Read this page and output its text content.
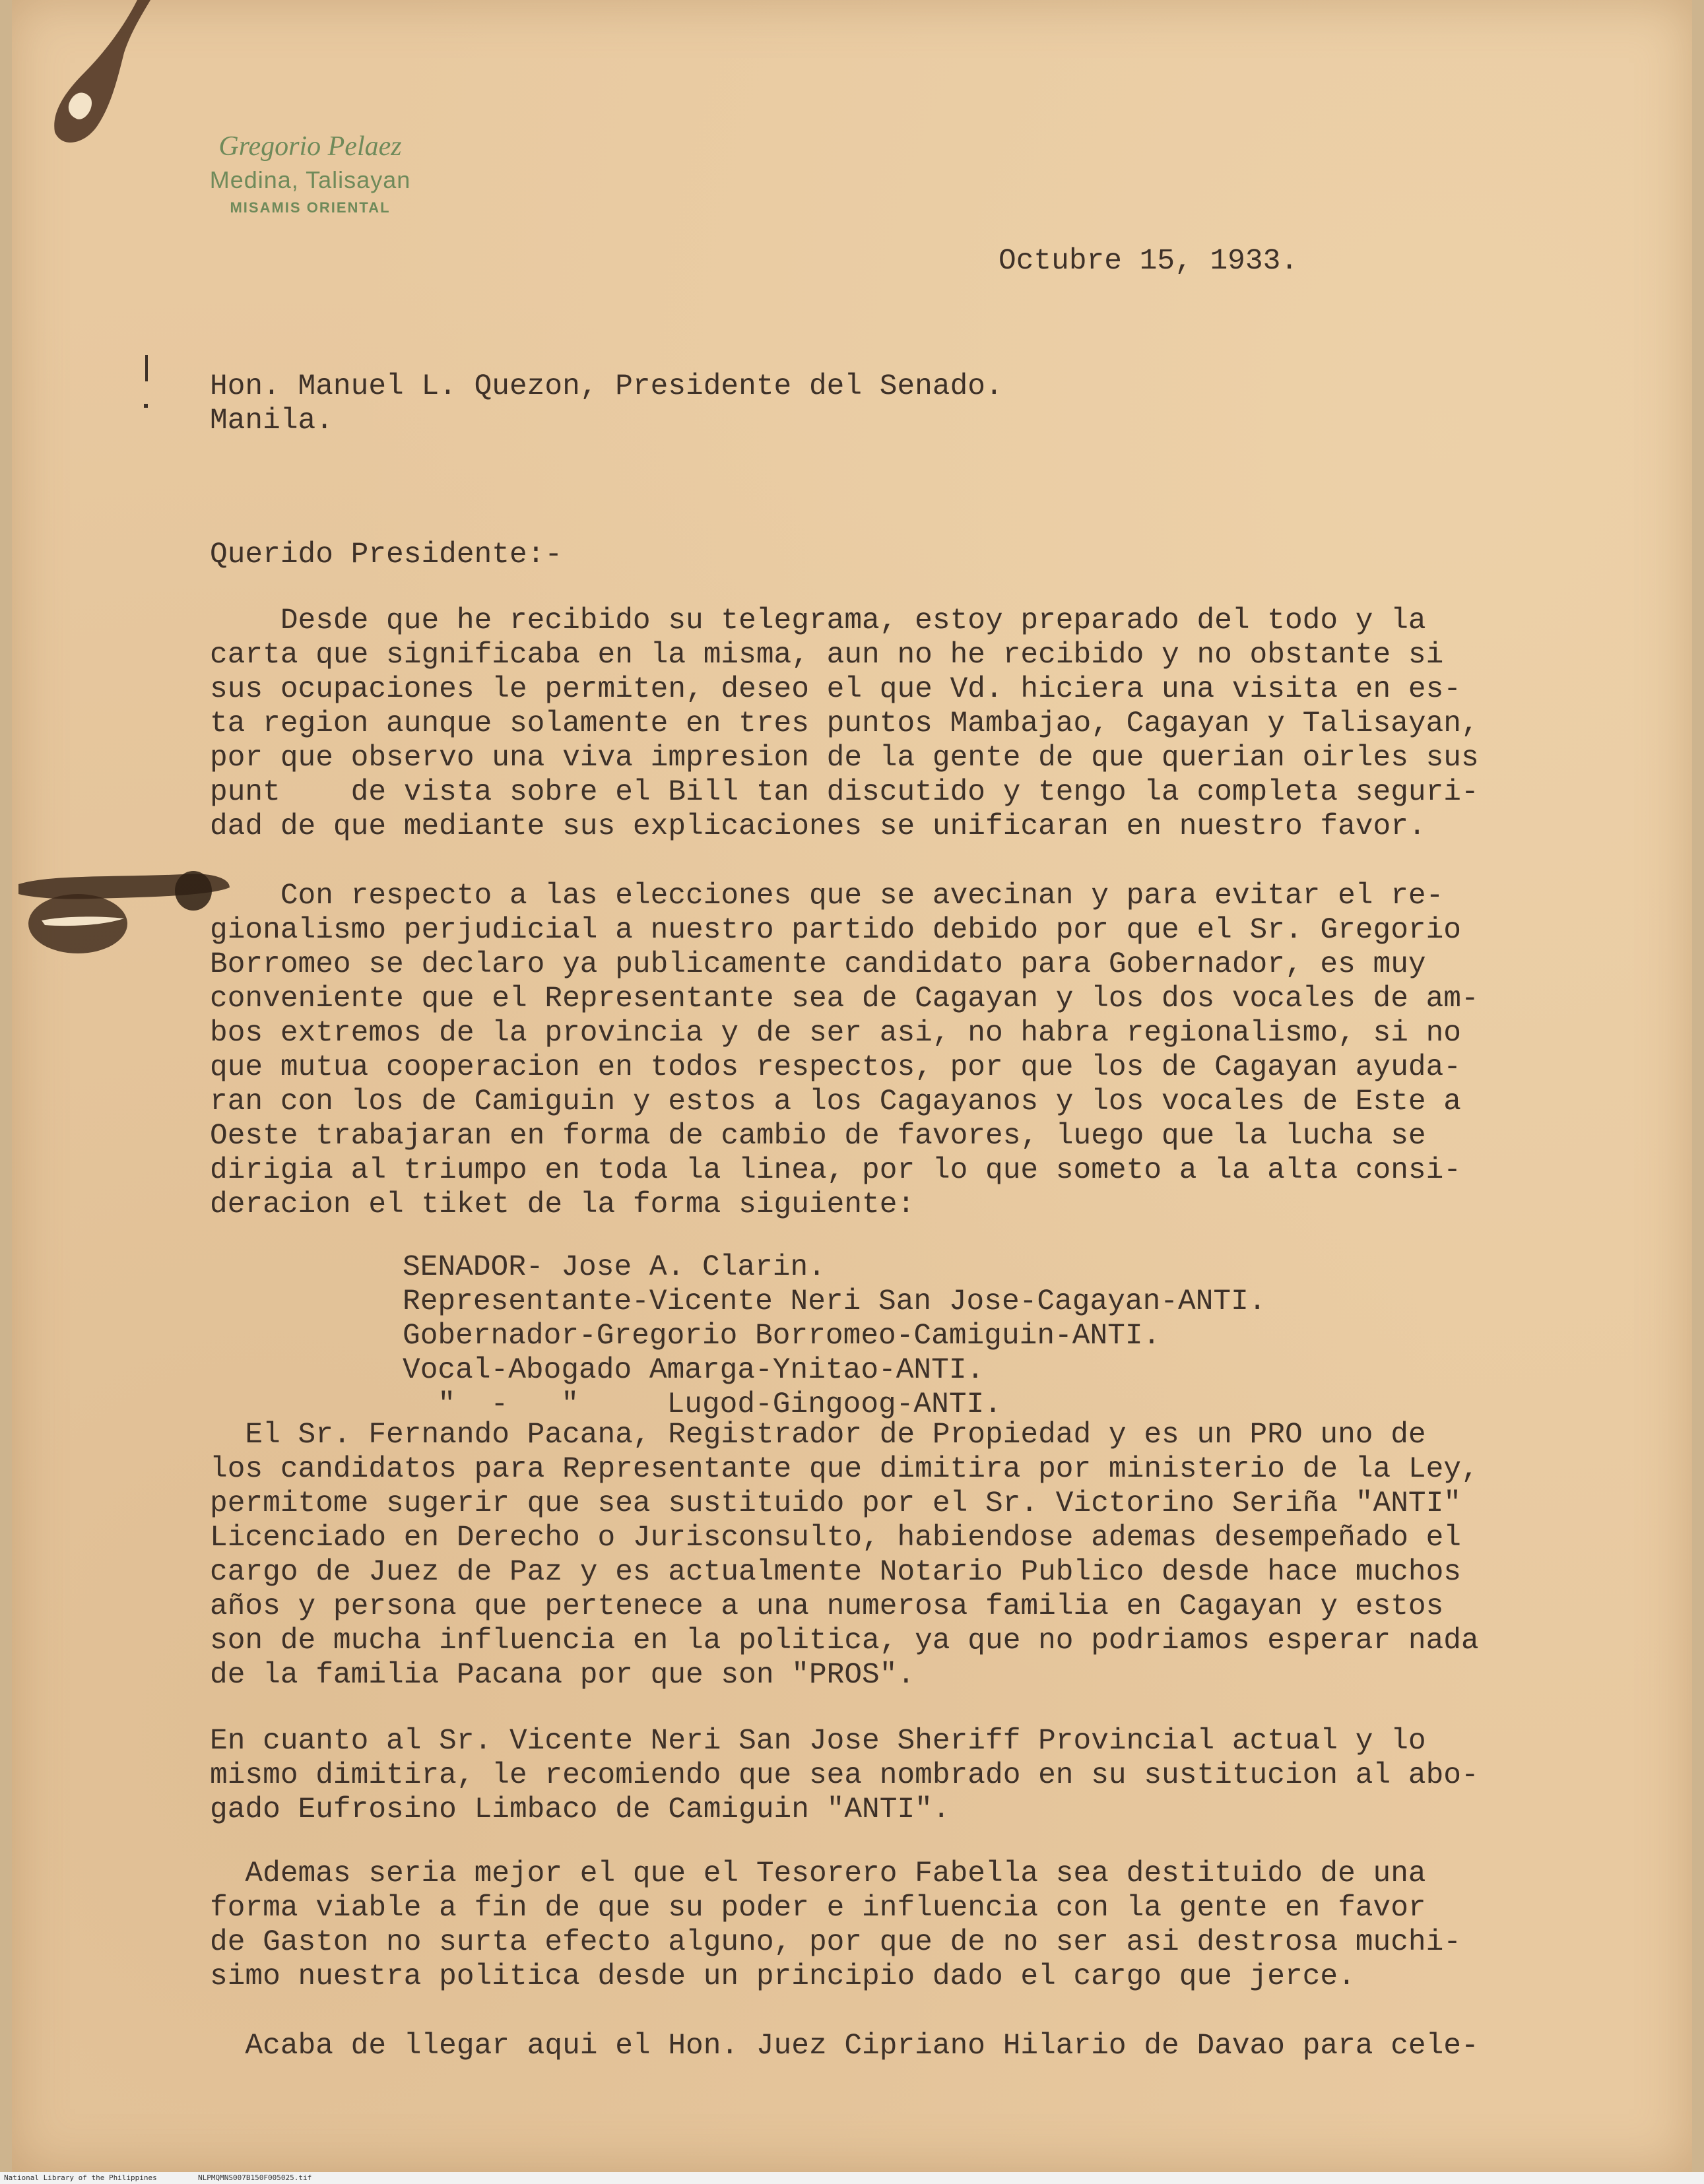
Gregorio Pelaez
Medina, Talisayan
MISAMIS ORIENTAL
Octubre 15, 1933.
Hon. Manuel L. Quezon, Presidente del Senado.
Manila.
Querido Presidente:-
Desde que he recibido su telegrama, estoy preparado del todo y la
carta que significaba en la misma, aun no he recibido y no obstante si
sus ocupaciones le permiten, deseo el que Vd. hiciera una visita en es-
ta region aunque solamente en tres puntos Mambajao, Cagayan y Talisayan,
por que observo una viva impresion de la gente de que querian oirles sus
punt    de vista sobre el Bill tan discutido y tengo la completa seguri-
dad de que mediante sus explicaciones se unificaran en nuestro favor.
Con respecto a las elecciones que se avecinan y para evitar el re-
gionalismo perjudicial a nuestro partido debido por que el Sr. Gregorio
Borromeo se declaro ya publicamente candidato para Gobernador, es muy
conveniente que el Representante sea de Cagayan y los dos vocales de am-
bos extremos de la provincia y de ser asi, no habra regionalismo, si no
que mutua cooperacion en todos respectos, por que los de Cagayan ayuda-
ran con los de Camiguin y estos a los Cagayanos y los vocales de Este a
Oeste trabajaran en forma de cambio de favores, luego que la lucha se
dirigia al triumpo en toda la linea, por lo que someto a la alta consi-
deracion el tiket de la forma siguiente:
SENADOR- Jose A. Clarin.
Representante-Vicente Neri San Jose-Cagayan-ANTI.
Gobernador-Gregorio Borromeo-Camiguin-ANTI.
Vocal-Abogado Amarga-Ynitao-ANTI.
"  -   "     Lugod-Gingoog-ANTI.
El Sr. Fernando Pacana, Registrador de Propiedad y es un PRO uno de
los candidatos para Representante que dimitira por ministerio de la Ley,
permitome sugerir que sea sustituido por el Sr. Victorino Seriña "ANTI"
Licenciado en Derecho o Jurisconsulto, habiendose ademas desempeñado el
cargo de Juez de Paz y es actualmente Notario Publico desde hace muchos
años y persona que pertenece a una numerosa familia en Cagayan y estos
son de mucha influencia en la politica, ya que no podriamos esperar nada
de la familia Pacana por que son "PROS".
En cuanto al Sr. Vicente Neri San Jose Sheriff Provincial actual y lo
mismo dimitira, le recomiendo que sea nombrado en su sustitucion al abo-
gado Eufrosino Limbaco de Camiguin "ANTI".
Ademas seria mejor el que el Tesorero Fabella sea destituido de una
forma viable a fin de que su poder e influencia con la gente en favor
de Gaston no surta efecto alguno, por que de no ser asi destrosa muchi-
simo nuestra politica desde un principio dado el cargo que jerce.
Acaba de llegar aqui el Hon. Juez Cipriano Hilario de Davao para cele-
National Library of the Philippines	NLPMQMNS007B150F005025.tif
